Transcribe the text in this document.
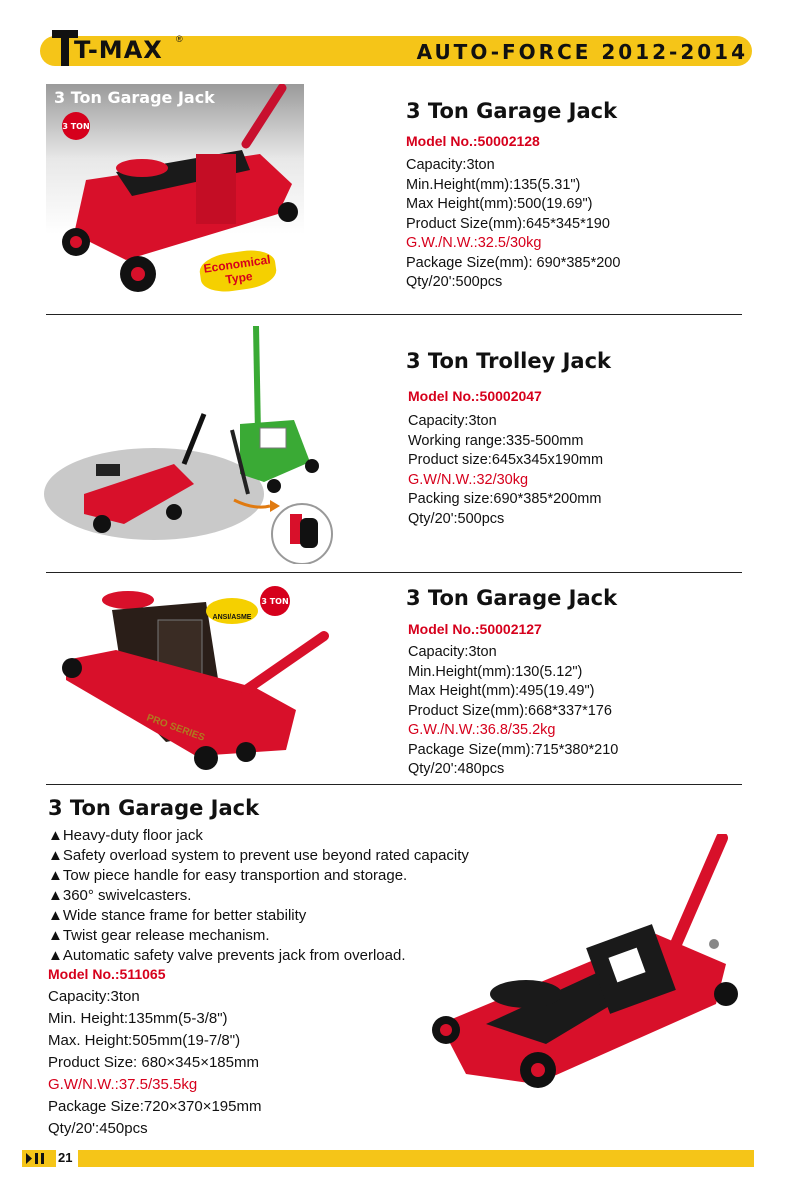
T-MAX ®
AUTO-FORCE 2012-2014
3 Ton Garage Jack
3 TON
Economical Type
3 Ton Garage Jack
Model No.:50002128
Capacity:3ton
Min.Height(mm):135(5.31")
Max Height(mm):500(19.69")
Product Size(mm):645*345*190
G.W./N.W.:32.5/30kg
Package Size(mm): 690*385*200
Qty/20':500pcs
3 Ton Trolley Jack
Model No.:50002047
Capacity:3ton
Working range:335-500mm
Product size:645x345x190mm
G.W/N.W.:32/30kg
Packing size:690*385*200mm
Qty/20':500pcs
PRO SERIES
3 TON
ANSI/ASME
3 Ton Garage Jack
Model No.:50002127
Capacity:3ton
Min.Height(mm):130(5.12")
Max Height(mm):495(19.49")
Product Size(mm):668*337*176
G.W./N.W.:36.8/35.2kg
Package Size(mm):715*380*210
Qty/20':480pcs
3 Ton Garage Jack
▲Heavy-duty floor jack
▲Safety overload system to prevent use beyond rated capacity
▲Tow piece handle for easy transportion and storage.
▲360° swivelcasters.
▲Wide stance frame for better stability
▲Twist gear release mechanism.
▲Automatic safety valve prevents jack from overload.
Model No.:511065
Capacity:3ton
Min. Height:135mm(5-3/8")
Max. Height:505mm(19-7/8")
Product Size: 680×345×185mm
G.W/N.W.:37.5/35.5kg
Package Size:720×370×195mm
Qty/20':450pcs
21
